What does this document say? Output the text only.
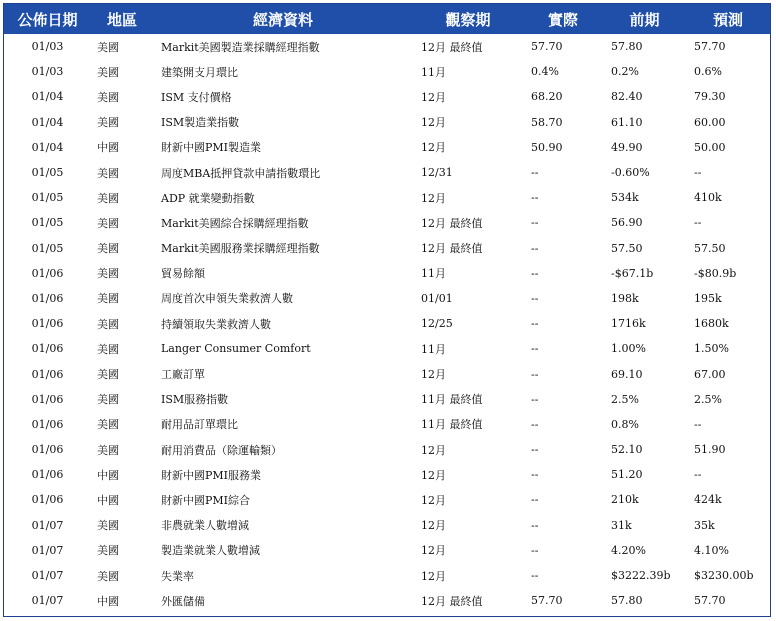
公佈日期	地區	經濟資料	觀察期	實際	前期	預測
01/03	美國	Markit美國製造業採購經理指數	12月 最終值	57.70	57.80	57.70
01/03	美國	建築開支月環比	11月	0.4%	0.2%	0.6%
01/04	美國	ISM 支付價格	12月	68.20	82.40	79.30
01/04	美國	ISM製造業指數	12月	58.70	61.10	60.00
01/04	中國	財新中國PMI製造業	12月	50.90	49.90	50.00
01/05	美國	周度MBA抵押貸款申請指數環比	12/31	--	-0.60%	--
01/05	美國	ADP 就業變動指數	12月	--	534k	410k
01/05	美國	Markit美國綜合採購經理指數	12月 最終值	--	56.90	--
01/05	美國	Markit美國服務業採購經理指數	12月 最終值	--	57.50	57.50
01/06	美國	貿易餘額	11月	--	-$67.1b	-$80.9b
01/06	美國	周度首次申領失業救濟人數	01/01	--	198k	195k
01/06	美國	持續領取失業救濟人數	12/25	--	1716k	1680k
01/06	美國	Langer Consumer Comfort	11月	--	1.00%	1.50%
01/06	美國	工廠訂單	12月	--	69.10	67.00
01/06	美國	ISM服務指數	11月 最終值	--	2.5%	2.5%
01/06	美國	耐用品訂單環比	11月 最終值	--	0.8%	--
01/06	美國	耐用消費品（除運輸類）	12月	--	52.10	51.90
01/06	中國	財新中國PMI服務業	12月	--	51.20	--
01/06	中國	財新中國PMI綜合	12月	--	210k	424k
01/07	美國	非農就業人數增減	12月	--	31k	35k
01/07	美國	製造業就業人數增減	12月	--	4.20%	4.10%
01/07	美國	失業率	12月	--	$3222.39b	$3230.00b
01/07	中國	外匯儲備	12月 最終值	57.70	57.80	57.70
